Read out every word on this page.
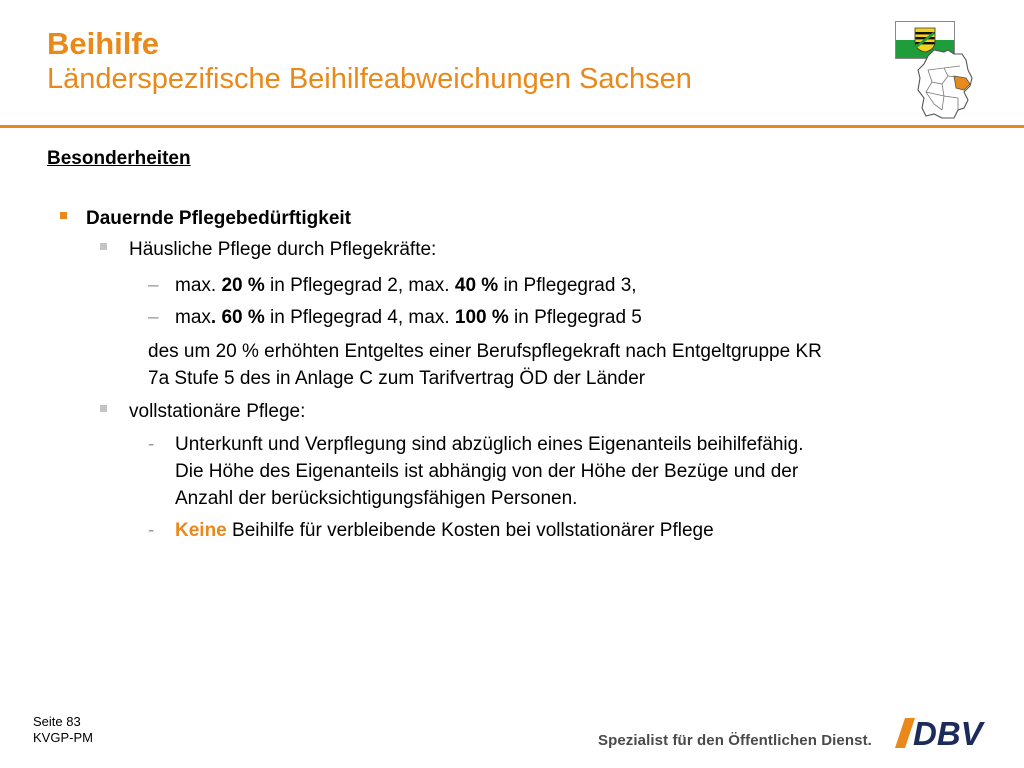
Beihilfe
Länderspezifische Beihilfeabweichungen Sachsen
Besonderheiten
Dauernde Pflegebedürftigkeit
Häusliche Pflege durch Pflegekräfte:
– max. 20 % in Pflegegrad 2, max. 40 % in Pflegegrad 3,
– max. 60 % in Pflegegrad 4, max. 100 % in Pflegegrad 5
des um 20 % erhöhten Entgeltes einer Berufspflegekraft nach Entgeltgruppe KR
7a Stufe 5 des in Anlage C zum Tarifvertrag ÖD der Länder
vollstationäre Pflege:
- Unterkunft und Verpflegung sind abzüglich eines Eigenanteils beihilfefähig.
Die Höhe des Eigenanteils ist abhängig von der Höhe der Bezüge und der
Anzahl der berücksichtigungsfähigen Personen.
- Keine Beihilfe für verbleibende Kosten bei vollstationärer Pflege
Seite 83
KVGP-PM	Spezialist für den Öffentlichen Dienst. DBV
